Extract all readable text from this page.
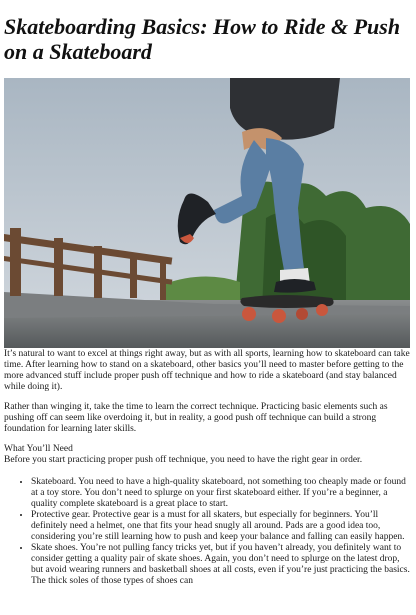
Skateboarding Basics: How to Ride & Push on a Skateboard

It’s natural to want to excel at things right away, but as with all sports, learning how to skateboard can take time. After learning how to stand on a skateboard, other basics you’ll need to master before getting to the more advanced stuff include proper push off technique and how to ride a skateboard (and stay balanced while doing it).

Rather than winging it, take the time to learn the correct technique. Practicing basic elements such as pushing off can seem like overdoing it, but in reality, a good push off technique can build a strong foundation for learning later skills.

What You’ll Need
Before you start practicing proper push off technique, you need to have the right gear in order.
• Skateboard. You need to have a high-quality skateboard, not something too cheaply made or found at a toy store. You don’t need to splurge on your first skateboard either. If you’re a beginner, a quality complete skateboard is a great place to start.
• Protective gear. Protective gear is a must for all skaters, but especially for beginners. You’ll definitely need a helmet, one that fits your head snugly all around. Pads are a good idea too, considering you’re still learning how to push and keep your balance and falling can easily happen.
• Skate shoes. You’re not pulling fancy tricks yet, but if you haven’t already, you definitely want to consider getting a quality pair of skate shoes. Again, you don’t need to splurge on the latest drop, but avoid wearing runners and basketball shoes at all costs, even if you’re just practicing the basics. The thick soles of those types of shoes can
